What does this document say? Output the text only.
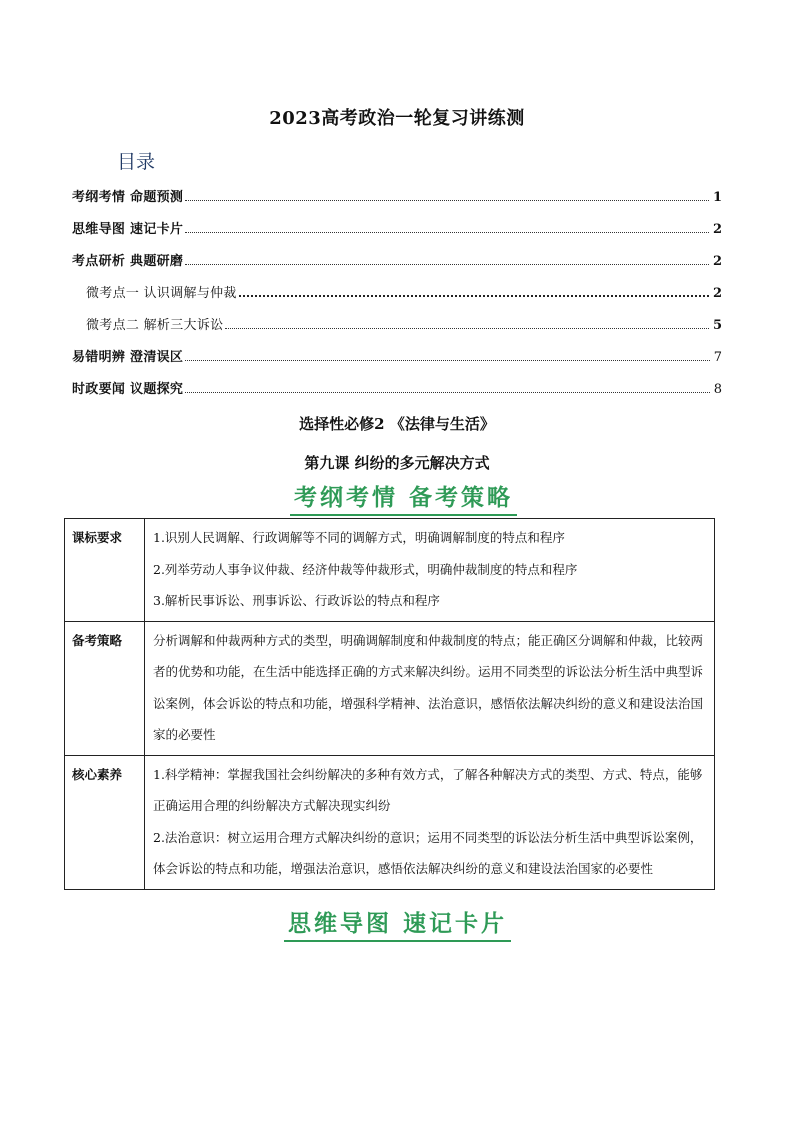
2023高考政治一轮复习讲练测
目录
考纲考情 命题预测	1
思维导图 速记卡片	2
考点研析 典题研磨	2
微考点一 认识调解与仲裁	2
微考点二 解析三大诉讼	5
易错明辨 澄清误区	7
时政要闻 议题探究	8
选择性必修2 《法律与生活》
第九课 纠纷的多元解决方式
考纲考情 备考策略
课标要求	1.识别人民调解、行政调解等不同的调解方式，明确调解制度的特点和程序

2.列举劳动人事争议仲裁、经济仲裁等仲裁形式，明确仲裁制度的特点和程序

3.解析民事诉讼、刑事诉讼、行政诉讼的特点和程序

备考策略	分析调解和仲裁两种方式的类型，明确调解制度和仲裁制度的特点；能正确区分调解和仲裁，比较两者的优势和功能，在生活中能选择正确的方式来解决纠纷。运用不同类型的诉讼法分析生活中典型诉讼案例，体会诉讼的特点和功能，增强科学精神、法治意识，感悟依法解决纠纷的意义和建设法治国家的必要性

核心素养	1.科学精神：掌握我国社会纠纷解决的多种有效方式，了解各种解决方式的类型、方式、特点，能够正确运用合理的纠纷解决方式解决现实纠纷

2.法治意识：树立运用合理方式解决纠纷的意识；运用不同类型的诉讼法分析生活中典型诉讼案例，体会诉讼的特点和功能，增强法治意识，感悟依法解决纠纷的意义和建设法治国家的必要性

思维导图 速记卡片
